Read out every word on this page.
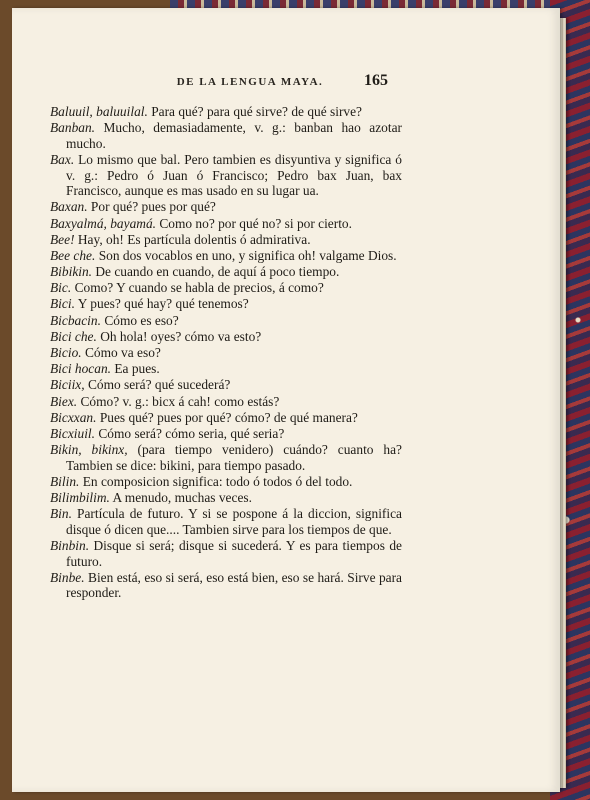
DE LA LENGUA MAYA.	165
Baluuil, baluuilal. Para qué? para qué sirve? de qué sirve?
Banban. Mucho, demasiadamente, v. g.: banban hao azotar mucho.
Bax. Lo mismo que bal. Pero tambien es disyuntiva y significa ó v. g.: Pedro ó Juan ó Francisco; Pedro bax Juan, bax Francisco, aunque es mas usado en su lugar ua.
Baxan. Por qué? pues por qué?
Baxyalmá, bayamá. Como no? por qué no? si por cierto.
Bee! Hay, oh! Es partícula dolentis ó admirativa.
Bee che. Son dos vocablos en uno, y significa oh! valgame Dios.
Bibikin. De cuando en cuando, de aquí á poco tiempo.
Bic. Como? Y cuando se habla de precios, á como?
Bici. Y pues? qué hay? qué tenemos?
Bicbacin. Cómo es eso?
Bici che. Oh hola! oyes? cómo va esto?
Bicio. Cómo va eso?
Bici hocan. Ea pues.
Biciix, Cómo será? qué sucederá?
Biex. Cómo? v. g.: bicx á cah! como estás?
Bicxxan. Pues qué? pues por qué? cómo? de qué manera?
Bicxiuil. Cómo será? cómo seria, qué seria?
Bikin, bikinx, (para tiempo venidero) cuándo? cuanto ha? Tambien se dice: bikini, para tiempo pasado.
Bilin. En composicion significa: todo ó todos ó del todo.
Bilimbilim. A menudo, muchas veces.
Bin. Partícula de futuro. Y si se pospone á la diccion, significa disque ó dicen que.... Tambien sirve para los tiempos de que.
Binbin. Disque si será; disque si sucederá. Y es para tiempos de futuro.
Binbe. Bien está, eso si será, eso está bien, eso se hará. Sirve para responder.
